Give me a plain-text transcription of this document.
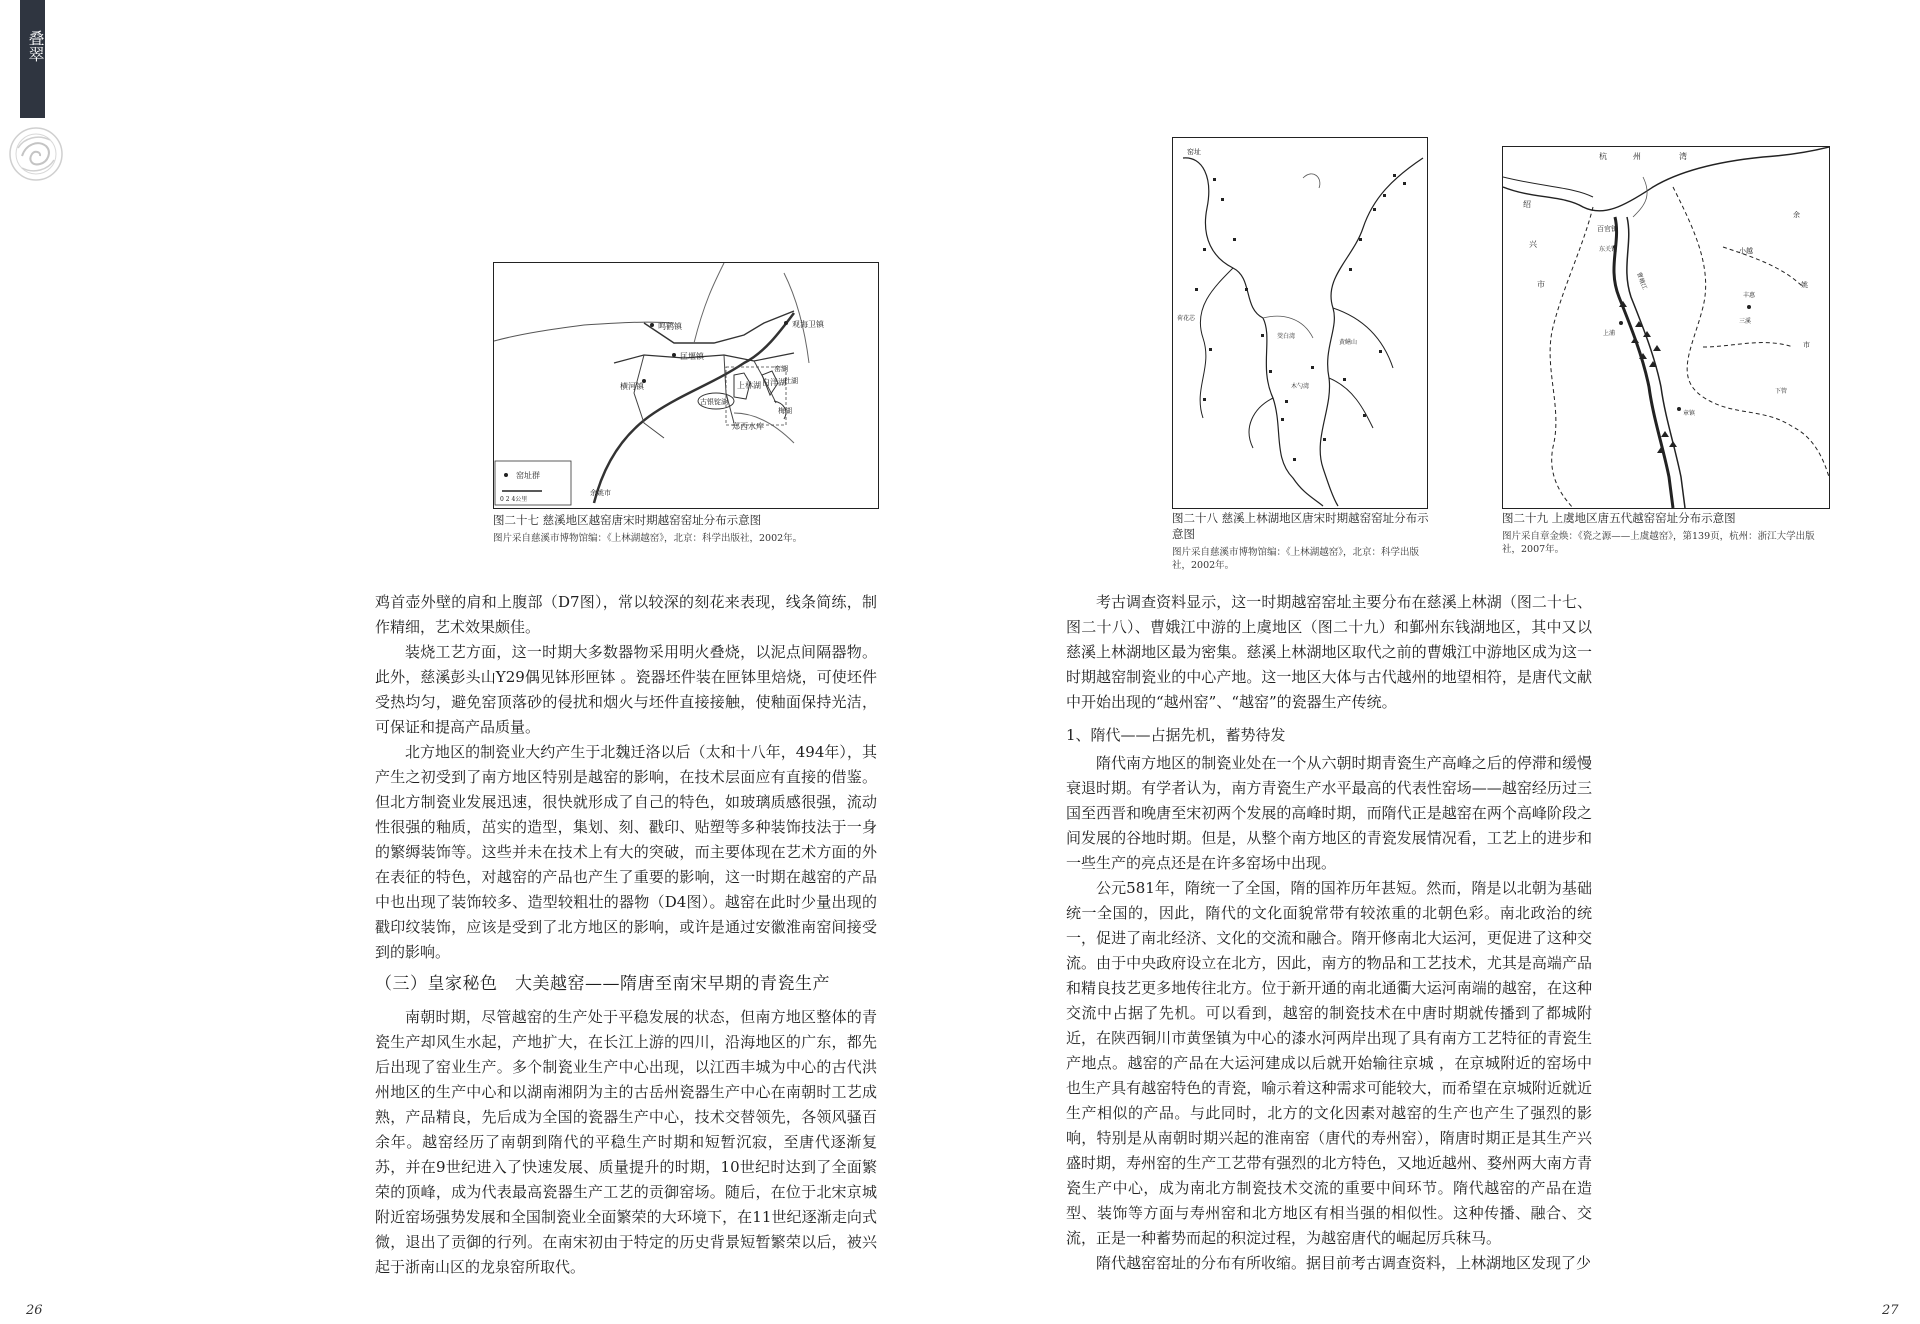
叠翠
鸣鹤镇	观海卫镇
匡堰镇
横河镇
古银锭湖
上林湖 白洋湖
杜湖
窑湖
梅湖
郑西水库
余姚市
窑址群
0 2 4公里
图二十七 慈溪地区越窑唐宋时期越窑窑址分布示意图
图片采自慈溪市博物馆编：《上林湖越窑》，北京：科学出版社，2002年。
窑址
荷花芯
黄鳝山
茭白湾
木勺湾
图二十八 慈溪上林湖地区唐宋时期越窑窑址分布示意图
图片采自慈溪市博物馆编：《上林湖越窑》，北京：科学出版社，2002年。
杭	州	湾
绍
兴
市
百官镇
东关镇
上浦
曹娥江
小越
余
姚
市
三溪
丰惠
章镇
下管
图二十九 上虞地区唐五代越窑窑址分布示意图
图片采自章金焕：《瓷之源——上虞越窑》，第139页，杭州：浙江大学出版社，2007年。

鸡首壶外壁的肩和上腹部（D7图），常以较深的刻花来表现，线条简练，制作精细，艺术效果颇佳。

装烧工艺方面，这一时期大多数器物采用明火叠烧，以泥点间隔器物。此外，慈溪彭头山Y29偶见钵形匣钵 。瓷器坯件装在匣钵里焙烧，可使坯件受热均匀，避免窑顶落砂的侵扰和烟火与坯件直接接触，使釉面保持光洁，可保证和提高产品质量。

北方地区的制瓷业大约产生于北魏迁洛以后（太和十八年，494年），其产生之初受到了南方地区特别是越窑的影响，在技术层面应有直接的借鉴。但北方制瓷业发展迅速，很快就形成了自己的特色，如玻璃质感很强，流动性很强的釉质，茁实的造型，集划、刻、戳印、贴塑等多种装饰技法于一身的繁缛装饰等。这些并未在技术上有大的突破，而主要体现在艺术方面的外在表征的特色，对越窑的产品也产生了重要的影响，这一时期在越窑的产品中也出现了装饰较多、造型较粗壮的器物（D4图）。越窑在此时少量出现的戳印纹装饰，应该是受到了北方地区的影响，或许是通过安徽淮南窑间接受到的影响。

（三）皇家秘色　大美越窑——隋唐至南宋早期的青瓷生产

南朝时期，尽管越窑的生产处于平稳发展的状态，但南方地区整体的青瓷生产却风生水起，产地扩大，在长江上游的四川，沿海地区的广东，都先后出现了窑业生产。多个制瓷业生产中心出现，以江西丰城为中心的古代洪州地区的生产中心和以湖南湘阴为主的古岳州瓷器生产中心在南朝时工艺成熟，产品精良，先后成为全国的瓷器生产中心，技术交替领先，各领风骚百余年。越窑经历了南朝到隋代的平稳生产时期和短暂沉寂，至唐代逐渐复苏，并在9世纪进入了快速发展、质量提升的时期，10世纪时达到了全面繁荣的顶峰，成为代表最高瓷器生产工艺的贡御窑场。随后，在位于北宋京城附近窑场强势发展和全国制瓷业全面繁荣的大环境下，在11世纪逐渐走向式微，退出了贡御的行列。在南宋初由于特定的历史背景短暂繁荣以后，被兴起于浙南山区的龙泉窑所取代。

考古调查资料显示，这一时期越窑窑址主要分布在慈溪上林湖（图二十七、图二十八）、曹娥江中游的上虞地区（图二十九）和鄞州东钱湖地区，其中又以慈溪上林湖地区最为密集。慈溪上林湖地区取代之前的曹娥江中游地区成为这一时期越窑制瓷业的中心产地。这一地区大体与古代越州的地望相符，是唐代文献中开始出现的“越州窑”、“越窑”的瓷器生产传统。

1、隋代——占据先机，蓄势待发

隋代南方地区的制瓷业处在一个从六朝时期青瓷生产高峰之后的停滞和缓慢衰退时期。有学者认为，南方青瓷生产水平最高的代表性窑场——越窑经历过三国至西晋和晚唐至宋初两个发展的高峰时期，而隋代正是越窑在两个高峰阶段之间发展的谷地时期。但是，从整个南方地区的青瓷发展情况看，工艺上的进步和一些生产的亮点还是在许多窑场中出现。

公元581年，隋统一了全国，隋的国祚历年甚短。然而，隋是以北朝为基础统一全国的，因此，隋代的文化面貌常带有较浓重的北朝色彩。南北政治的统一，促进了南北经济、文化的交流和融合。隋开修南北大运河，更促进了这种交流。由于中央政府设立在北方，因此，南方的物品和工艺技术，尤其是高端产品和精良技艺更多地传往北方。位于新开通的南北通衢大运河南端的越窑，在这种交流中占据了先机。可以看到，越窑的制瓷技术在中唐时期就传播到了都城附近，在陕西铜川市黄堡镇为中心的漆水河两岸出现了具有南方工艺特征的青瓷生产地点。越窑的产品在大运河建成以后就开始输往京城 ，在京城附近的窑场中也生产具有越窑特色的青瓷，喻示着这种需求可能较大，而希望在京城附近就近生产相似的产品。与此同时，北方的文化因素对越窑的生产也产生了强烈的影响，特别是从南朝时期兴起的淮南窑（唐代的寿州窑），隋唐时期正是其生产兴盛时期，寿州窑的生产工艺带有强烈的北方特色，又地近越州、婺州两大南方青瓷生产中心，成为南北方制瓷技术交流的重要中间环节。隋代越窑的产品在造型、装饰等方面与寿州窑和北方地区有相当强的相似性。这种传播、融合、交流，正是一种蓄势而起的积淀过程，为越窑唐代的崛起厉兵秣马。

隋代越窑窑址的分布有所收缩。据目前考古调查资料，上林湖地区发现了少

26	27
